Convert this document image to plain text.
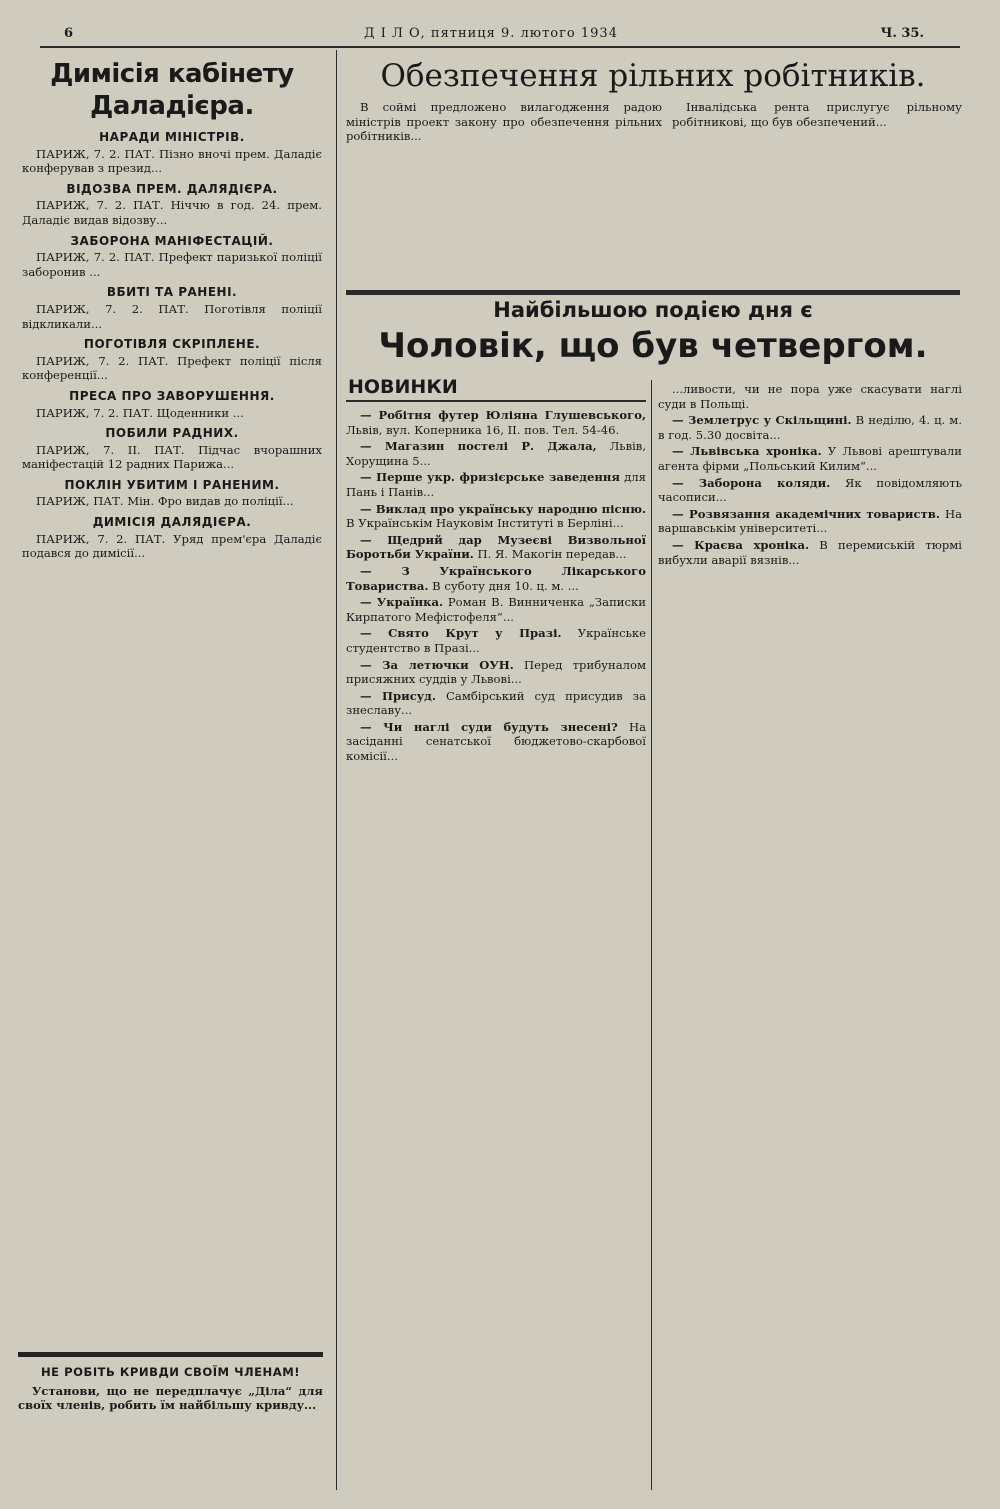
6	Д І Л О, пятниця 9. лютого 1934	Ч. 35.
Димісія кабінету Даладієра.
НАРАДИ МІНІСТРІВ.

ПАРИЖ, 7. 2. ПАТ. Пізно вночі прем. Даладіє конферував з презид...

ВІДОЗВА ПРЕМ. ДАЛЯДІЄРА.

ПАРИЖ, 7. 2. ПАТ. Ніччю в год. 24. прем. Даладіє видав відозву...

ЗАБОРОНА МАНІФЕСТАЦІЙ.

ПАРИЖ, 7. 2. ПАТ. Префект паризької поліції заборонив ...

ВБИТІ ТА РАНЕНІ.

ПАРИЖ, 7. 2. ПАТ. Поготівля поліції відкликали...

ПОГОТІВЛЯ СКРІПЛЕНЕ.

ПАРИЖ, 7. 2. ПАТ. Префект поліції після конференції...

ПРЕСА ПРО ЗАВОРУШЕННЯ.

ПАРИЖ, 7. 2. ПАТ. Щоденники ...

ПОБИЛИ РАДНИХ.

ПАРИЖ, 7. II. ПАТ. Підчас вчорашних маніфестацій 12 радних Парижа...

ПОКЛІН УБИТИМ І РАНЕНИМ.

ПАРИЖ, ПАТ. Мін. Фро видав до поліції...

ДИМІСІЯ ДАЛЯДІЄРА.

ПАРИЖ, 7. 2. ПАТ. Уряд прем'єра Даладіє подався до димісії...

НЕ РОБІТЬ КРИВДИ СВОЇМ ЧЛЕНАМ!

Установи, що не передплачує „Діла“ для своїх членів, робить їм найбільшу кривду...

Обезпечення рільних робітників.

В соймі предложено вилагодження радою міністрів проект закону про обезпечення рільних робітників...

Інвалідська рента прислугує рільному робітникові, що був обезпечений...

Найбільшою подією дня є
Чоловік, що був четвергом.
НОВИНКИ

— Робітня футер Юліяна Глушевського, Львів, вул. Коперника 16, II. пов. Тел. 54-46.

— Магазин постелі Р. Джала, Львів, Хорущина 5...

— Перше укр. фризієрське заведення для Пань і Панів...

— Виклад про українську народню пісню. В Українськім Науковім Інституті в Берліні...

— Щедрий дар Музеєві Визвольної Боротьби України. П. Я. Макогін передав...

— З Українського Лікарського Товариства. В суботу дня 10. ц. м. ...

— Українка. Роман В. Винниченка „Записки Кирпатого Мефістофеля“...

— Свято Крут у Празі. Українське студентство в Празі...

— За летючки ОУН. Перед трибуналом присяжних суддів у Львові...

— Присуд. Самбірський суд присудив за знеславу...

— Чи наглі суди будуть знесені? На засіданні сенатської бюджетово-скарбової комісії...

...ливости, чи не пора уже скасувати наглі суди в Польщі.

— Землетрус у Скільщині. В неділю, 4. ц. м. в год. 5.30 досвіта...

— Львівська хроніка. У Львові арештували агента фірми „Польський Килим“...

— Заборона коляди. Як повідомляють часописи...

— Розвязання академічних товариств. На варшавськім університеті...

— Краєва хроніка. В перемиській тюрмі вибухли аварії вязнів...
